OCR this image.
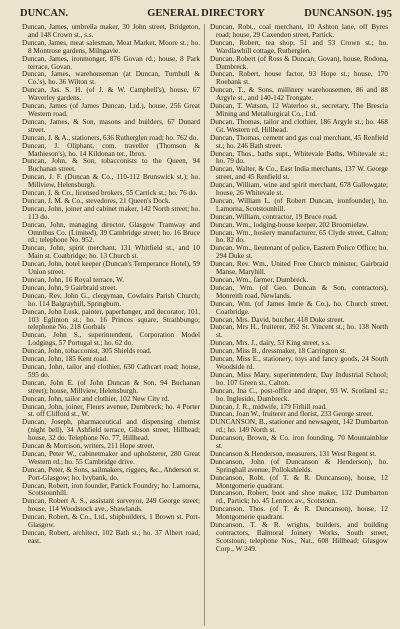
DUNCAN.	GENERAL DIRECTORY	DUNCANSON. 195

Duncan, James, umbrella maker, 30 John street, Bridgeton, and 148 Crown st., s.s.

Duncan, James, meat salesman, Meat Market, Moore st.; ho. 8 Montrose gardens, Milngavie.

Duncan, James, ironmonger, 876 Govan rd.; house, 8 Park terrace, Govan.

Duncan, James, warehouseman (at Duncan, Turnbull & Co.'s), ho. 36 Wilton st.

Duncan, Jas. S. H. (of J. & W. Campbell's), house, 67 Waverley gardens.

Duncan, James (of James Duncan, Ltd.), house, 256 Great Western road.

Duncan, James, & Son, masons and builders, 67 Dunard street.

Duncan, J. & A., stationers, 636 Rutherglen road; ho. 762 do.

Duncan, J. Oliphant, com. traveller (Thomson & Mathieson's), ho. 14 Kildonan ter., Ibrox.

Duncan, John, & Son, tobacconists to the Queen, 94 Buchanan street.

Duncan, J. F. (Duncan & Co., 110-112 Brunswick st.); ho. Millview, Helensburgh.

Duncan, J. & Co., licensed brokers, 55 Carrick st.; ho. 76 do.

Duncan, J. M. & Co., stevedores, 21 Queen's Dock.

Duncan, John, joiner and cabinet maker, 142 North street; ho. 113 do.

Duncan, John, managing director, Glasgow Tramway and Omnibus Co. (Limited), 39 Cambridge street; ho. 16 Bruce rd.; telephone No. 952.

Duncan, John, spirit merchant, 131 Whitfield st., and 10 Main st. Coatbridge; ho. 13 Church st.

Duncan, John, hotel keeper (Duncan's Temperance Hotel), 59 Union street.

Duncan, John, 16 Royal terrace, W.

Duncan, John, 9 Gairbraid street.

Duncan, Rev. John G., clergyman, Cowlairs Parish Church; ho. 114 Balgrayhill, Springburn.

Duncan, John Lusk, painter, paperhanger, and decorator, 101, 103 Eglinton st.; ho. 16 Princes square, Strathbungo; telephone No. 218 Gorbals

Duncan, John S., superintendent, Corporation Model Lodgings, 57 Portugal st.; ho. 62 do.

Duncan, John, tobacconist, 305 Shields road.

Duncan, John, 185 Kent road.

Duncan, John, tailor and clothier, 630 Cathcart road; house, 595 do.

Duncan, John E. (of John Duncan & Son, 94 Buchanan street); house, Millview, Helensburgh.

Duncan, John, tailor and clothier, 102 New City rd.

Duncan, John, joiner, Fleurs avenue, Dumbreck; ho. 4 Porter st. off Clifford st., W.

Duncan, Joseph, pharmaceutical and dispensing chemist (night bell), 34 Ashfield terrace, Gibson street, Hillhead; house, 32 do. Telephone No. 77, Hillhead.

Duncan & Morrison, writers, 211 Hope street.

Duncan, Peter W., cabinetmaker and upholsterer, 280 Great Western rd.; ho. 55 Cambridge drive.

Duncan, Peter, & Sons, sailmakers, riggers, &c., Anderson st. Port-Glasgow; ho. Ivybank, do.

Duncan, Robert, iron founder, Partick Foundry; ho. Lamorna, Scotstounhill.

Duncan, Robert A. S., assistant surveyor, 249 George street; house, 114 Woodstock ave., Shawlands.

Duncan, Robert, & Co., Ltd., shipbuilders, 1 Brown st. Port-Glasgow.

Duncan, Robert, architect, 102 Bath st.; ho. 37 Albert road, east.

Duncan, Robt., coal merchant, 10 Ashton lane, off Byres road; house, 29 Caxendon street, Partick.

Duncan, Robert, tea shop, 51 and 53 Crown st.; ho. Wardlawhill cottage, Rutherglen.

Duncan, Robert (of Ross & Duncan, Govan), house, Rodona, Dumbreck.

Duncan, Robert, house factor, 93 Hope st.; house, 170 Roebank st.

Duncan, T., & Sons, millinery warehousemen, 86 and 88 Argyle st., and 140-142 Trongate.

Duncan, T. Watson, 12 Waterloo st., secretary, The Brescia Mining and Metallurgical Co., Ltd.

Duncan, Thomas, tailor and clothier, 186 Argyle st.; ho. 468 Gt. Western rd. Hillhead.

Duncan, Thomas, cement and gas coal merchant, 45 Renfield st.; ho. 246 Bath street.

Duncan, Thos., baths supt., Whitevale Baths, Whitevale st.; ho. 79 do.

Duncan, Walter, & Co., East India merchants, 137 W. George street, and 45 Renfield st.

Duncan, William, wine and spirit merchant, 678 Gallowgate; house, 26 Whitevale st.

Duncan, William L. (of Robert Duncan, ironfounder), ho. Lamorna, Scotstounhill.

Duncan, William, contractor, 19 Bruce road.

Duncan, Wm., lodging-house keeper, 202 Broomielaw.

Duncan, Wm., hosiery manufacturer, 65 Clyde street, Calton; ho. 82 do.

Duncan, Wm., lieutenant of police, Eastern Police Office; ho. 294 Duke st.

Duncan, Rev. Wm., United Free Church minister, Gairbraid Manse, Maryhill.

Duncan, Wm., farmer, Dumbreck.

Duncan, Wm. (of Geo. Duncan & Son, contractors), Monreith road, Newlands.

Duncan, Wm. (of James Imrie & Co.), ho. Church street, Coatbridge.

Duncan, Mrs. David, butcher, 418 Duke street.

Duncan, Mrs H., fruiterer, 392 St. Vincent st.; ho. 138 North st.

Duncan, Mrs. J., dairy, 53 King street, s.s.

Duncan, Miss B., dressmaker, 18 Carrington st.

Duncan, Miss E., stationery, toys and fancy goods, 24 South Woodside rd.

Duncan, Miss Mary, superintendent, Day Industrial School; ho. 107 Green st., Calton.

Duncan, Ina C., post-office and draper, 93 W. Scotland st.; ho. Inglesido, Dumbreck.

Duncan, J. R., midwife, 179 Firhill road.

Duncan, Joan W., fruiterer and florist, 233 George street.

DUNCANSON, B., stationer and newsagent, 142 Dumbarton rd.; ho. 149 North st.

Duncanson, Brown, & Co. iron founding, 70 Mountainblue st.

Duncanson & Henderson, measurers, 131 West Regent st.

Duncanson, John (of Duncanson & Henderson), ho. Springhall avenue, Pollokshields.

Duncanson, Robt. (of T. & R. Duncanson), house, 12 Montgomerie quadrant.

Duncanson, Robert, boot and shoe maker, 132 Dumbarton rd., Partick; ho. 45 Lennox av., Scotstoun.

Duncanson, Thos. (of T. & R. Duncanson), house, 12 Montgomerie quadrant.

Duncanson, T. & R. wrights, builders, and building contractors, Balmoral Joinery Works, South street, Scotstoun; telephone Nos., Nat., 608 Hillhead; Glasgow Corp., W 249.
